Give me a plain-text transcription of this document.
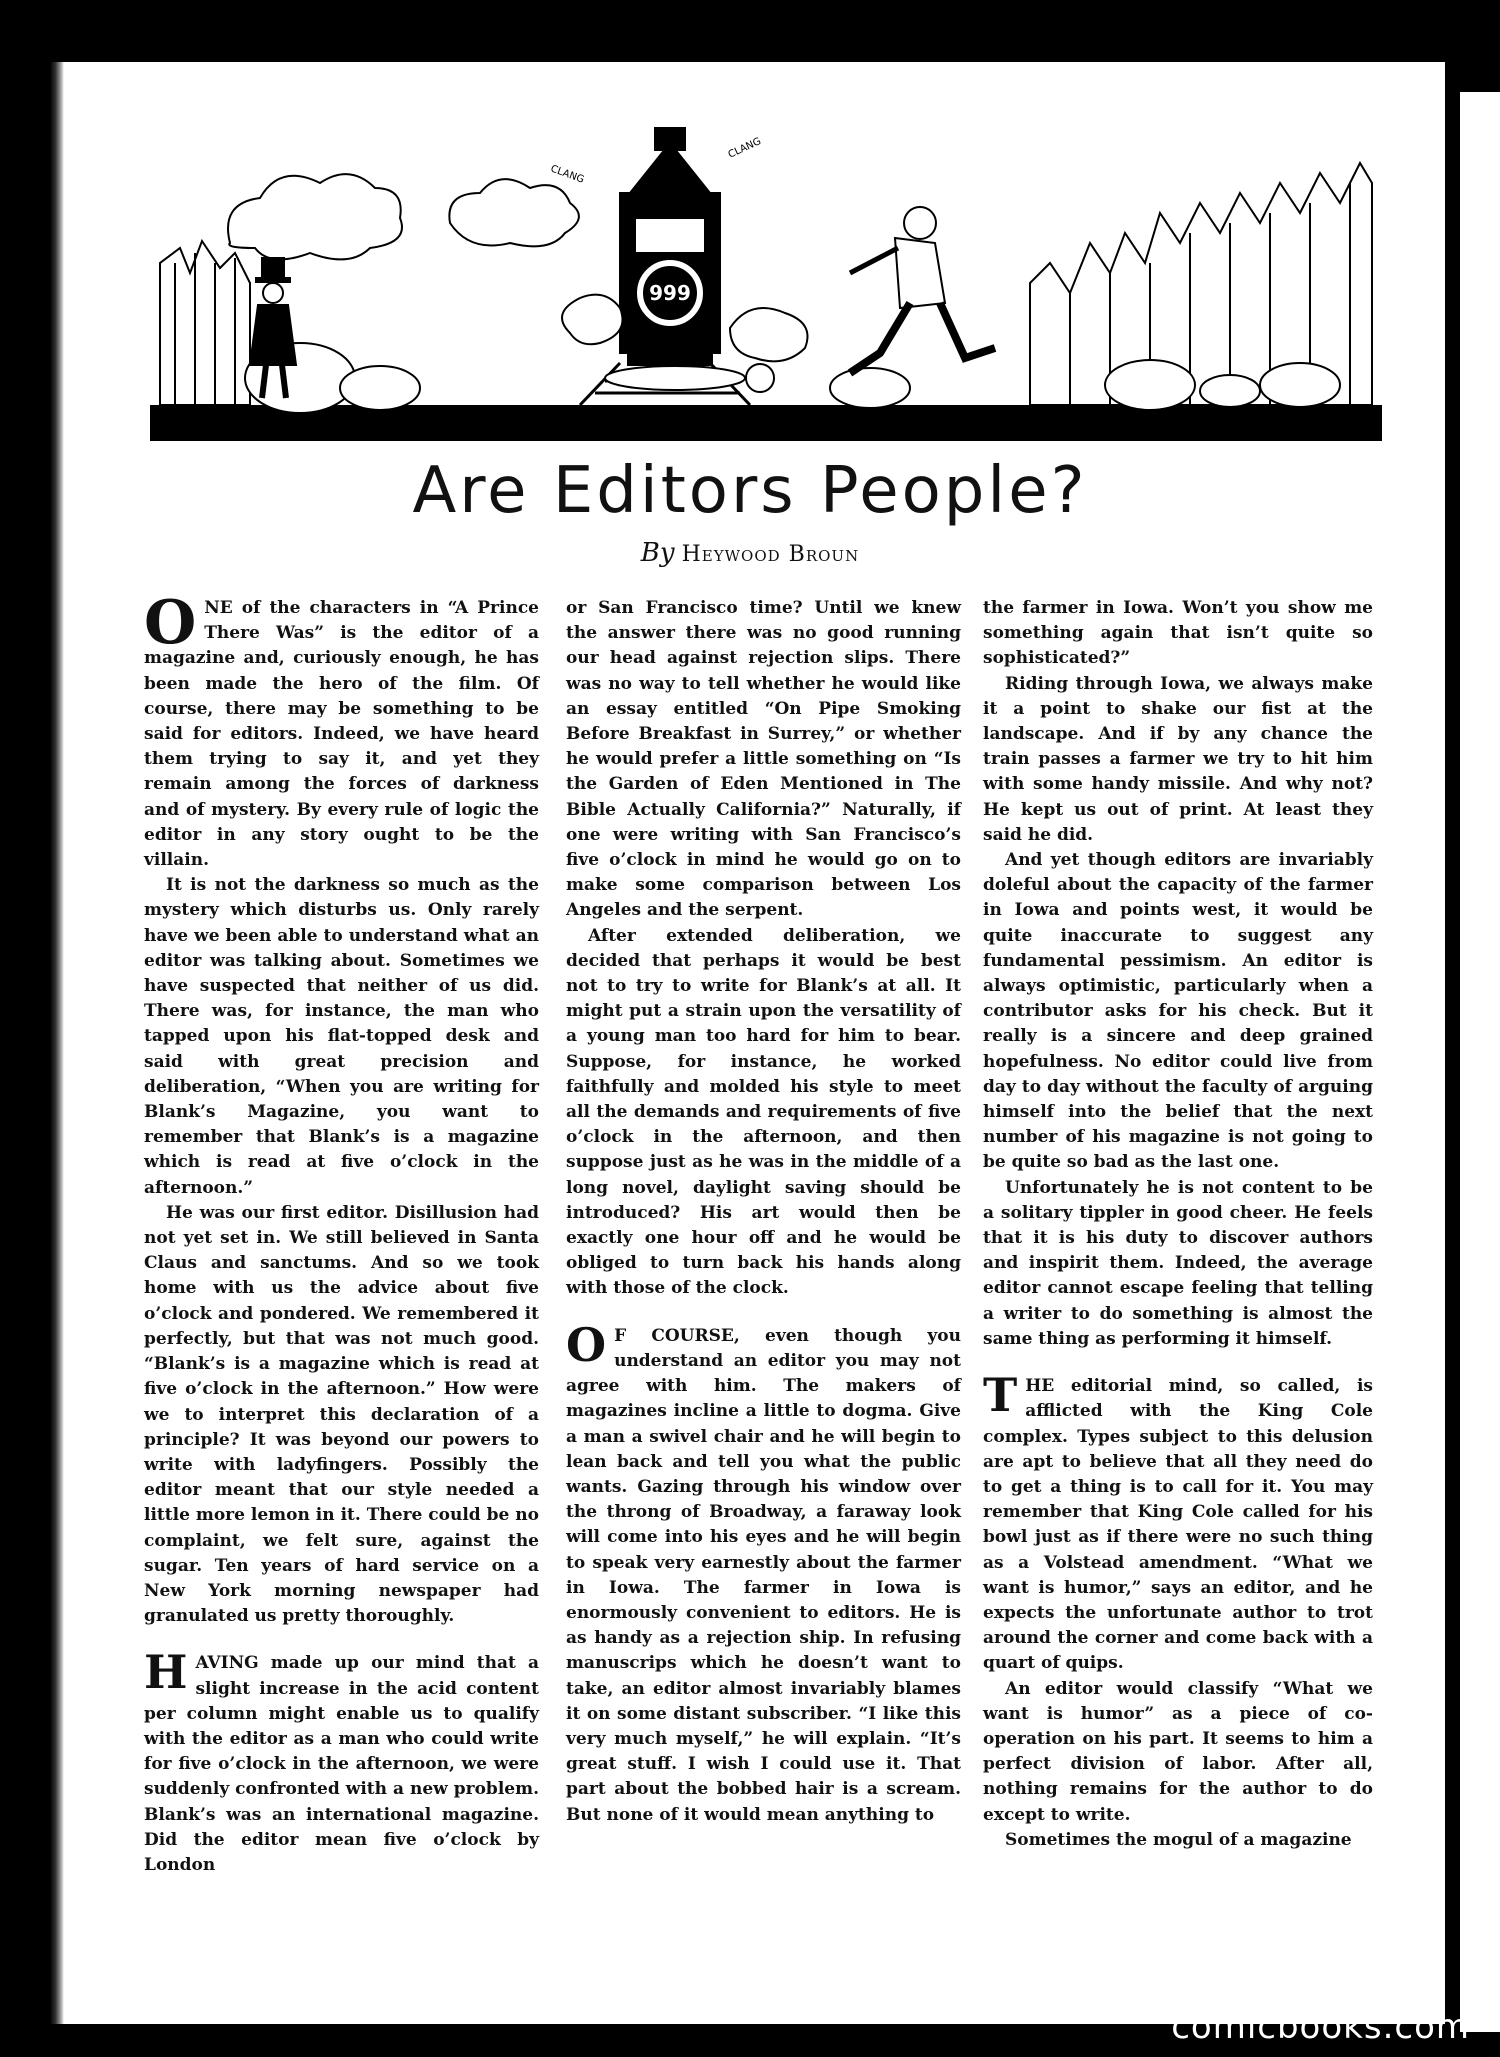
999
CLANG
CLANG
Are Editors People?
By Heywood Broun

ONE of the characters in “A Prince There Was” is the editor of a magazine and, curiously enough, he has been made the hero of the film. Of course, there may be something to be said for editors. Indeed, we have heard them trying to say it, and yet they remain among the forces of darkness and of mystery. By every rule of logic the editor in any story ought to be the villain.

It is not the darkness so much as the mystery which disturbs us. Only rarely have we been able to understand what an editor was talking about. Sometimes we have suspected that neither of us did. There was, for instance, the man who tapped upon his flat-topped desk and said with great precision and deliberation, “When you are writing for Blank’s Magazine, you want to remember that Blank’s is a magazine which is read at five o’clock in the afternoon.”

He was our first editor. Disillusion had not yet set in. We still believed in Santa Claus and sanctums. And so we took home with us the advice about five o’clock and pondered. We remembered it perfectly, but that was not much good. “Blank’s is a magazine which is read at five o’clock in the afternoon.” How were we to interpret this declaration of a principle? It was beyond our powers to write with ladyfingers. Possibly the editor meant that our style needed a little more lemon in it. There could be no complaint, we felt sure, against the sugar. Ten years of hard service on a New York morning newspaper had granulated us pretty thoroughly.

HAVING made up our mind that a slight increase in the acid content per column might enable us to qualify with the editor as a man who could write for five o’clock in the afternoon, we were suddenly confronted with a new problem. Blank’s was an international magazine. Did the editor mean five o’clock by London

or San Francisco time? Until we knew the answer there was no good running our head against rejection slips. There was no way to tell whether he would like an essay entitled “On Pipe Smoking Before Breakfast in Surrey,” or whether he would prefer a little something on “Is the Garden of Eden Mentioned in The Bible Actually California?” Naturally, if one were writing with San Francisco’s five o’clock in mind he would go on to make some comparison between Los Angeles and the serpent.

After extended deliberation, we decided that perhaps it would be best not to try to write for Blank’s at all. It might put a strain upon the versatility of a young man too hard for him to bear. Suppose, for instance, he worked faithfully and molded his style to meet all the demands and requirements of five o’clock in the afternoon, and then suppose just as he was in the middle of a long novel, daylight saving should be introduced? His art would then be exactly one hour off and he would be obliged to turn back his hands along with those of the clock.

O F COURSE, even though you understand an editor you may not agree with him. The makers of magazines incline a little to dogma. Give a man a swivel chair and he will begin to lean back and tell you what the public wants. Gazing through his window over the throng of Broadway, a faraway look will come into his eyes and he will begin to speak very earnestly about the farmer in Iowa. The farmer in Iowa is enormously convenient to editors. He is as handy as a rejection ship. In refusing manuscrips which he doesn’t want to take, an editor almost invariably blames it on some distant subscriber. “I like this very much myself,” he will explain. “It’s great stuff. I wish I could use it. That part about the bobbed hair is a scream. But none of it would mean anything to

the farmer in Iowa. Won’t you show me something again that isn’t quite so sophisticated?”

Riding through Iowa, we always make it a point to shake our fist at the landscape. And if by any chance the train passes a farmer we try to hit him with some handy missile. And why not? He kept us out of print. At least they said he did.

And yet though editors are invariably doleful about the capacity of the farmer in Iowa and points west, it would be quite inaccurate to suggest any fundamental pessimism. An editor is always optimistic, particularly when a contributor asks for his check. But it really is a sincere and deep grained hopefulness. No editor could live from day to day without the faculty of arguing himself into the belief that the next number of his magazine is not going to be quite so bad as the last one.

Unfortunately he is not content to be a solitary tippler in good cheer. He feels that it is his duty to discover authors and inspirit them. Indeed, the average editor cannot escape feeling that telling a writer to do something is almost the same thing as performing it himself.

THE editorial mind, so called, is afflicted with the King Cole complex. Types subject to this delusion are apt to believe that all they need do to get a thing is to call for it. You may remember that King Cole called for his bowl just as if there were no such thing as a Volstead amendment. “What we want is humor,” says an editor, and he expects the unfortunate author to trot around the corner and come back with a quart of quips.

An editor would classify “What we want is humor” as a piece of co-operation on his part. It seems to him a perfect division of labor. After all, nothing remains for the author to do except to write.

Sometimes the mogul of a magazine

comicbooks.com
